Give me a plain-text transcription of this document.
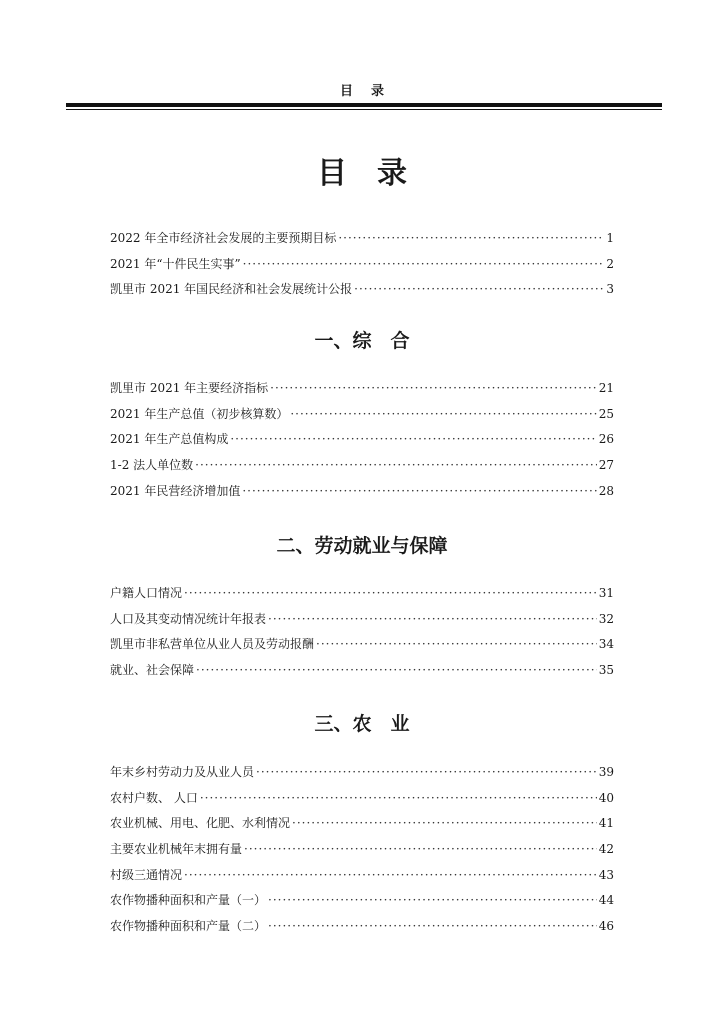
目录
目录
2022 年全市经济社会发展的主要预期目标 ·····	1
2021 年“十件民生实事” ·····	2
凯里市 2021 年国民经济和社会发展统计公报 ·····	3
一、综　合
凯里市 2021 年主要经济指标 ·····	21
2021 年生产总值（初步核算数） ·····	25
2021 年生产总值构成 ·····	26
1-2 法人单位数 ·····	27
2021 年民营经济增加值 ·····	28
二、劳动就业与保障
户籍人口情况 ·····	31
人口及其变动情况统计年报表 ·····	32
凯里市非私营单位从业人员及劳动报酬 ·····	34
就业、社会保障 ·····	35
三、农　业
年末乡村劳动力及从业人员 ·····	39
农村户数、 人口 ·····	40
农业机械、用电、化肥、水利情况 ·····	41
主要农业机械年末拥有量 ·····	42
村级三通情况 ·····	43
农作物播种面积和产量（一） ·····	44
农作物播种面积和产量（二） ·····	46
